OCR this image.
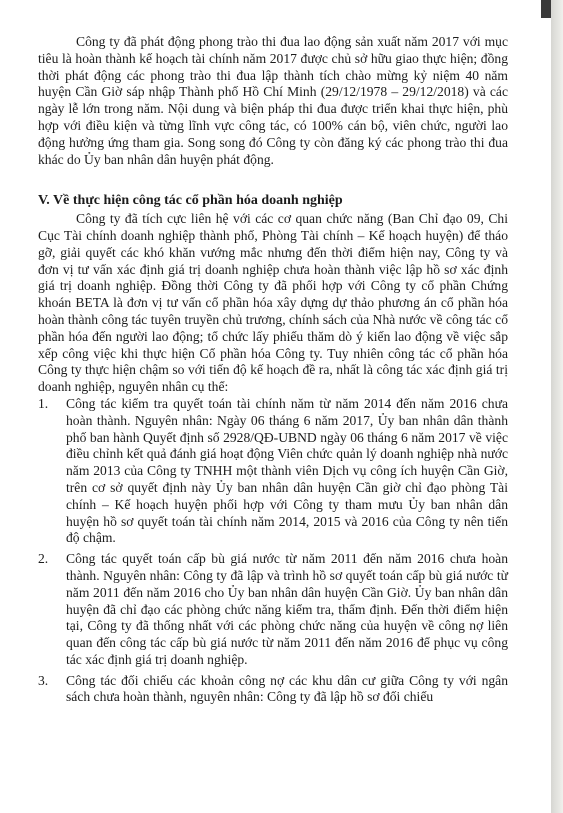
Công ty đã phát động phong trào thi đua lao động sản xuất năm 2017 với mục tiêu là hoàn thành kế hoạch tài chính năm 2017 được chủ sở hữu giao thực hiện; đồng thời phát động các phong trào thi đua lập thành tích chào mừng kỷ niệm 40 năm huyện Cần Giờ sáp nhập Thành phố Hồ Chí Minh (29/12/1978 – 29/12/2018) và các ngày lễ lớn trong năm. Nội dung và biện pháp thi đua được triển khai thực hiện, phù hợp với điều kiện và từng lĩnh vực công tác, có 100% cán bộ, viên chức, người lao động hưởng ứng tham gia. Song song đó Công ty còn đăng ký các phong trào thi đua khác do Ủy ban nhân dân huyện phát động.

V. Về thực hiện công tác cổ phần hóa doanh nghiệp

Công ty đã tích cực liên hệ với các cơ quan chức năng (Ban Chỉ đạo 09, Chi Cục Tài chính doanh nghiệp thành phố, Phòng Tài chính – Kế hoạch huyện) để tháo gỡ, giải quyết các khó khăn vướng mắc nhưng đến thời điểm hiện nay, Công ty và đơn vị tư vấn xác định giá trị doanh nghiệp chưa hoàn thành việc lập hồ sơ xác định giá trị doanh nghiệp. Đồng thời Công ty đã phối hợp với Công ty cổ phần Chứng khoán BETA là đơn vị tư vấn cổ phần hóa xây dựng dự thảo phương án cổ phần hóa hoàn thành công tác tuyên truyền chủ trương, chính sách của Nhà nước về công tác cổ phần hóa đến người lao động; tổ chức lấy phiếu thăm dò ý kiến lao động về việc sắp xếp công việc khi thực hiện Cổ phần hóa Công ty. Tuy nhiên công tác cổ phần hóa Công ty thực hiện chậm so với tiến độ kế hoạch đề ra, nhất là công tác xác định giá trị doanh nghiệp, nguyên nhân cụ thể:

1.	Công tác kiểm tra quyết toán tài chính năm từ năm 2014 đến năm 2016 chưa hoàn thành. Nguyên nhân: Ngày 06 tháng 6 năm 2017, Ủy ban nhân dân thành phố ban hành Quyết định số 2928/QĐ-UBND ngày 06 tháng 6 năm 2017 về việc điều chỉnh kết quả đánh giá hoạt động Viên chức quản lý doanh nghiệp nhà nước năm 2013 của Công ty TNHH một thành viên Dịch vụ công ích huyện Cần Giờ, trên cơ sở quyết định này Ủy ban nhân dân huyện Cần giờ chỉ đạo phòng Tài chính – Kế hoạch huyện phối hợp với Công ty tham mưu Ủy ban nhân dân huyện hồ sơ quyết toán tài chính năm 2014, 2015 và 2016 của Công ty nên tiến độ chậm.
2.	Công tác quyết toán cấp bù giá nước từ năm 2011 đến năm 2016 chưa hoàn thành. Nguyên nhân: Công ty đã lập và trình hồ sơ quyết toán cấp bù giá nước từ năm 2011 đến năm 2016 cho Ủy ban nhân dân huyện Cần Giờ. Ủy ban nhân dân huyện đã chỉ đạo các phòng chức năng kiểm tra, thẩm định. Đến thời điểm hiện tại, Công ty đã thống nhất với các phòng chức năng của huyện về công nợ liên quan đến công tác cấp bù giá nước từ năm 2011 đến năm 2016 để phục vụ công tác xác định giá trị doanh nghiệp.
3.	Công tác đối chiếu các khoản công nợ các khu dân cư giữa Công ty với ngân sách chưa hoàn thành, nguyên nhân: Công ty đã lập hồ sơ đối chiếu
